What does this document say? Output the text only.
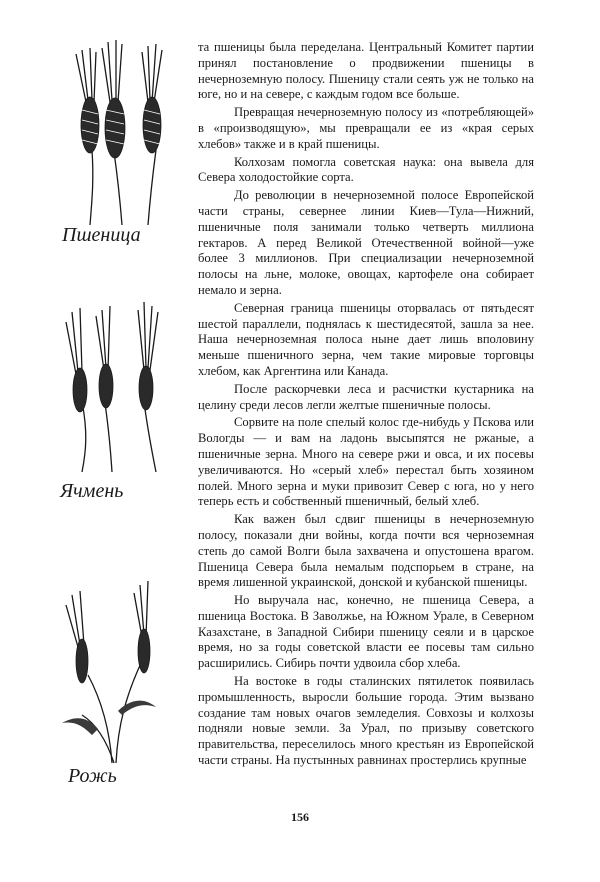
Пшеница
Ячмень
Рожь

та пшеницы была переделана. Центральный Комитет партии принял постановление о продвижении пшеницы в нечерноземную полосу. Пшеницу стали сеять уж не только на юге, но и на севере, с каждым годом все больше.

Превращая нечерноземную полосу из «потребляющей» в «производящую», мы превращали ее из «края серых хлебов» также и в край пшеницы.

Колхозам помогла советская наука: она вывела для Севера холодостойкие сорта.

До революции в нечерноземной полосе Европейской части страны, севернее линии Киев—Тула—Нижний, пшеничные поля занимали только четверть миллиона гектаров. А перед Великой Отечественной войной—уже более 3 миллионов. При специализации нечерноземной полосы на льне, молоке, овощах, картофеле она собирает немало и зерна.

Северная граница пшеницы оторвалась от пятьдесят шестой параллели, поднялась к шестидесятой, зашла за нее. Наша нечерноземная полоса ныне дает лишь вполовину меньше пшеничного зерна, чем такие мировые торговцы хлебом, как Аргентина или Канада.

После раскорчевки леса и расчистки кустарника на целину среди лесов легли желтые пшеничные полосы.

Сорвите на поле спелый колос где-нибудь у Пскова или Вологды — и вам на ладонь высыпятся не ржаные, а пшеничные зерна. Много на севере ржи и овса, и их посевы увеличиваются. Но «серый хлеб» перестал быть хозяином полей. Много зерна и муки привозит Север с юга, но у него теперь есть и собственный пшеничный, белый хлеб.

Как важен был сдвиг пшеницы в нечерноземную полосу, показали дни войны, когда почти вся черноземная степь до самой Волги была захвачена и опустошена врагом. Пшеница Севера была немалым подспорьем в стране, на время лишенной украинской, донской и кубанской пшеницы.

Но выручала нас, конечно, не пшеница Севера, а пшеница Востока. В Заволжье, на Южном Урале, в Северном Казахстане, в Западной Сибири пшеницу сеяли и в царское время, но за годы советской власти ее посевы там сильно расширились. Сибирь почти удвоила сбор хлеба.

На востоке в годы сталинских пятилеток появилась промышленность, выросли большие города. Этим вызвано создание там новых очагов земледелия. Совхозы и колхозы подняли новые земли. За Урал, по призыву советского правительства, переселилось много крестьян из Европейской части страны. На пустынных равнинах простерлись крупные

156
